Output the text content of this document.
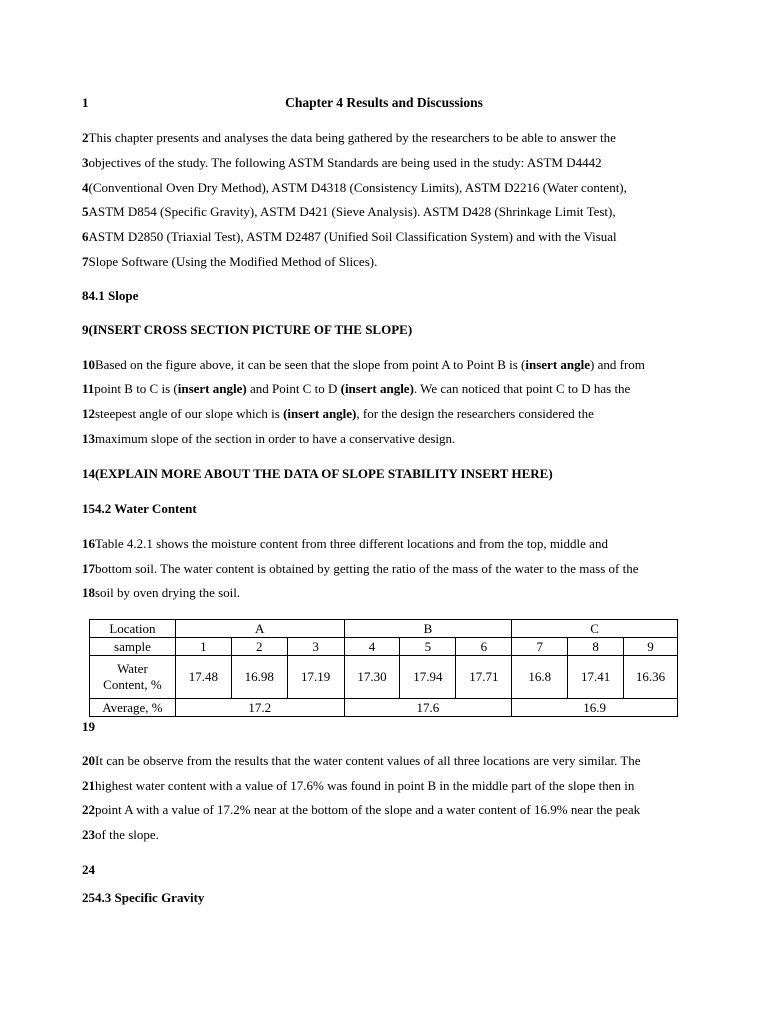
1	Chapter 4 Results and Discussions
2This chapter presents and analyses the data being gathered by the researchers to be able to answer the
3objectives of the study. The following ASTM Standards are being used in the study: ASTM D4442
4(Conventional Oven Dry Method), ASTM D4318 (Consistency Limits), ASTM D2216 (Water content),
5ASTM D854 (Specific Gravity), ASTM D421 (Sieve Analysis). ASTM D428 (Shrinkage Limit Test),
6ASTM D2850 (Triaxial Test), ASTM D2487 (Unified Soil Classification System) and with the Visual
7Slope Software (Using the Modified Method of Slices).
84.1 Slope
9(INSERT CROSS SECTION PICTURE OF THE SLOPE)
10Based on the figure above, it can be seen that the slope from point A to Point B is (insert angle) and from
11point B to C is (insert angle) and Point C to D (insert angle). We can noticed that point C to D has the
12steepest angle of our slope which is (insert angle), for the design the researchers considered the
13maximum slope of the section in order to have a conservative design.
14(EXPLAIN MORE ABOUT THE DATA OF SLOPE STABILITY INSERT HERE)
154.2 Water Content
16Table 4.2.1 shows the moisture content from three different locations and from the top, middle and
17bottom soil. The water content is obtained by getting the ratio of the mass of the water to the mass of the
18soil by oven drying the soil.
Location	A			B			C		
sample	1	2	3	4	5	6	7	8	9
Water
Content, %	17.48	16.98	17.19	17.30	17.94	17.71	16.8	17.41	16.36
Average, %	17.2			17.6			16.9		
19
20It can be observe from the results that the water content values of all three locations are very similar. The
21highest water content with a value of 17.6% was found in point B in the middle part of the slope then in
22point A with a value of 17.2% near at the bottom of the slope and a water content of 16.9% near the peak
23of the slope.
24
254.3 Specific Gravity
